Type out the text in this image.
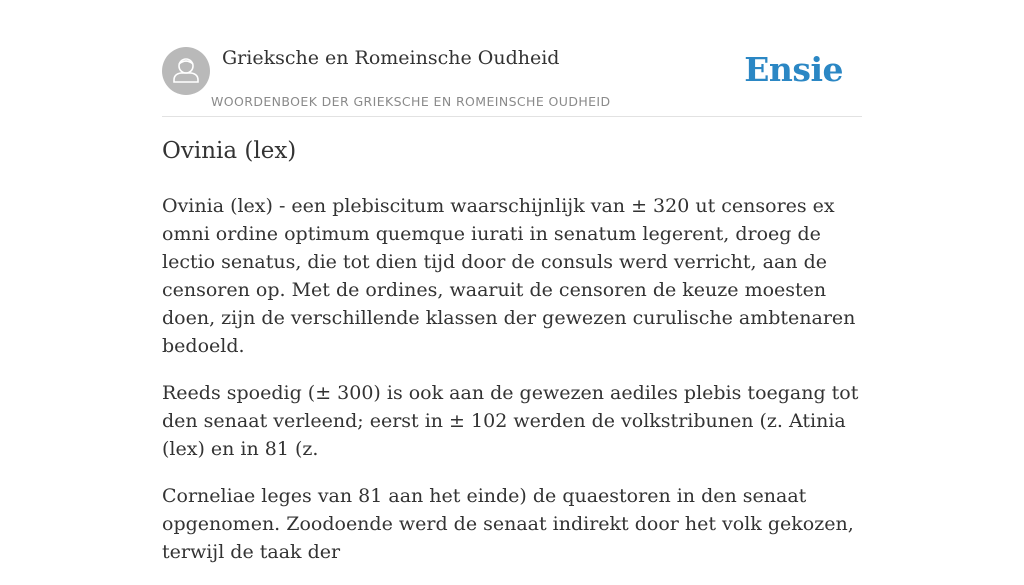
Grieksche en Romeinsche Oudheid
WOORDENBOEK DER GRIEKSCHE EN ROMEINSCHE OUDHEID
Ensie
Ovinia (lex)

Ovinia (lex) - een plebiscitum waarschijnlijk van ± 320 ut censores ex omni ordine optimum quemque iurati in senatum legerent, droeg de lectio senatus, die tot dien tijd door de consuls werd verricht, aan de censoren op. Met de ordines, waaruit de censoren de keuze moesten doen, zijn de verschillende klassen der gewezen curulische ambtenaren bedoeld.

Reeds spoedig (± 300) is ook aan de gewezen aediles plebis toegang tot den senaat verleend; eerst in ± 102 werden de volkstribunen (z. Atinia (lex) en in 81 (z.

Corneliae leges van 81 aan het einde) de quaestoren in den senaat opgenomen. Zoodoende werd de senaat indirekt door het volk gekozen, terwijl de taak der
